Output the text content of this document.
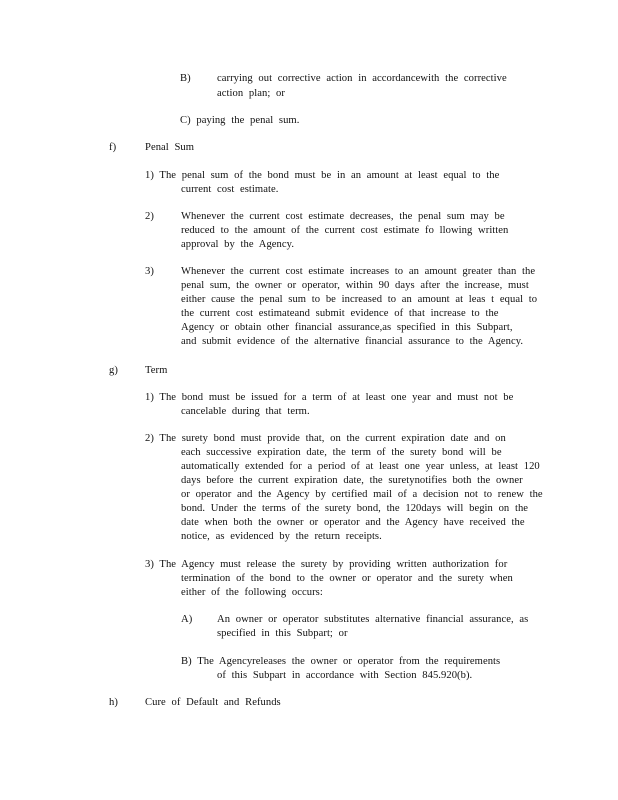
B) carrying out corrective action in accordancewith the corrective
action plan; or
C) paying the penal sum.
f)	Penal Sum
1) The penal sum of the bond must be in an amount at least equal to the
current cost estimate.
2)	Whenever the current cost estimate decreases, the penal sum may be
reduced to the amount of the current cost estimate fo llowing written
approval by the Agency.
3)	Whenever the current cost estimate increases to an amount greater than the
penal sum, the owner or operator, within 90 days after the increase, must
either cause the penal sum to be increased to an amount at leas t equal to
the current cost estimateand submit evidence of that increase to the
Agency or obtain other financial assurance,as specified in this Subpart,
and submit evidence of the alternative financial assurance to the Agency.
g)	Term
1) The bond must be issued for a term of at least one year and must not be
cancelable during that term.
2) The surety bond must provide that, on the current expiration date and on
each successive expiration date, the term of the surety bond will be
automatically extended for a period of at least one year unless, at least 120
days before the current expiration date, the suretynotifies both the owner
or operator and the Agency by certified mail of a decision not to renew the
bond. Under the terms of the surety bond, the 120days will begin on the
date when both the owner or operator and the Agency have received the
notice, as evidenced by the return receipts.
3) The Agency must release the surety by providing written authorization for
termination of the bond to the owner or operator and the surety when
either of the following occurs:
A) An owner or operator substitutes alternative financial assurance, as
specified in this Subpart; or
B) The Agencyreleases the owner or operator from the requirements
of this Subpart in accordance with Section 845.920(b).
h)	Cure of Default and Refunds
